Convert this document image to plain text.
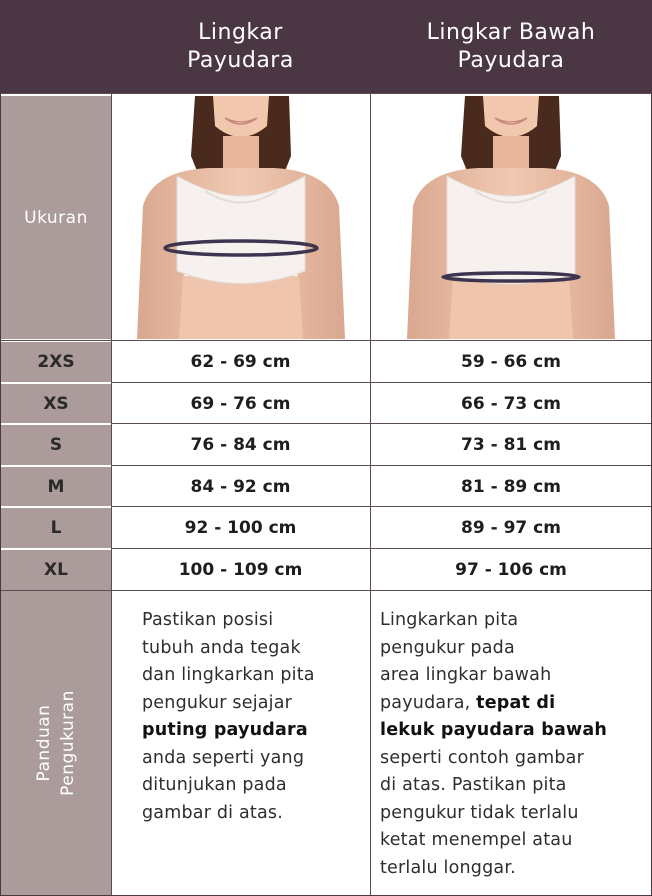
Lingkar
Payudara
Lingkar Bawah
Payudara
Ukuran
2XS
XS
S
M
L
XL
62 - 69 cm
69 - 76 cm
76 - 84 cm
84 - 92 cm
92 - 100 cm
100 - 109 cm
59 - 66 cm
66 - 73 cm
73 - 81 cm
81 - 89 cm
89 - 97 cm
97 - 106 cm
Panduan Pengukuran
Pastikan posisi
tubuh anda tegak
dan lingkarkan pita
pengukur sejajar
puting payudara
anda seperti yang
ditunjukan pada
gambar di atas.
Lingkarkan pita
pengukur pada
area lingkar bawah
payudara, tepat di
lekuk payudara bawah
seperti contoh gambar
di atas. Pastikan pita
pengukur tidak terlalu
ketat menempel atau
terlalu longgar.
